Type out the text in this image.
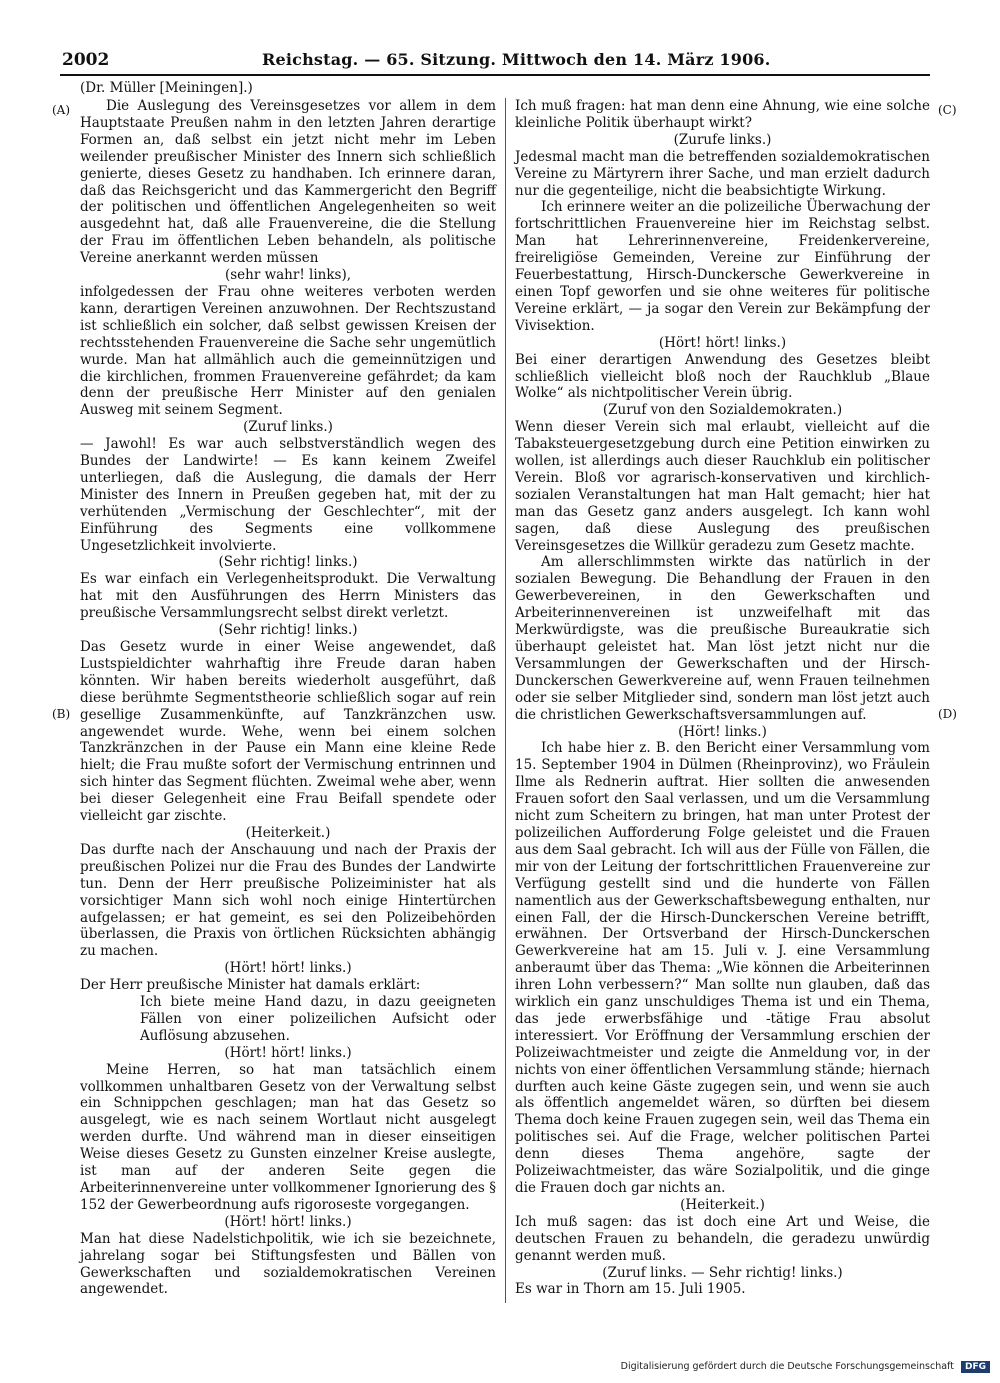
2002	Reichstag. — 65. Sitzung. Mittwoch den 14. März 1906.
(Dr. Müller [Meiningen].)
(A)
(B)
(C)
(D)

Die Auslegung des Vereinsgesetzes vor allem in dem Hauptstaate Preußen nahm in den letzten Jahren derartige Formen an, daß selbst ein jetzt nicht mehr im Leben weilender preußischer Minister des Innern sich schließlich genierte, dieses Gesetz zu handhaben. Ich erinnere daran, daß das Reichsgericht und das Kammergericht den Begriff der politischen und öffentlichen Angelegenheiten so weit ausgedehnt hat, daß alle Frauenvereine, die die Stellung der Frau im öffentlichen Leben behandeln, als politische Vereine anerkannt werden müssen

(sehr wahr! links),

infolgedessen der Frau ohne weiteres verboten werden kann, derartigen Vereinen anzuwohnen. Der Rechtszustand ist schließlich ein solcher, daß selbst gewissen Kreisen der rechtsstehenden Frauenvereine die Sache sehr ungemütlich wurde. Man hat allmählich auch die gemeinnützigen und die kirchlichen, frommen Frauenvereine gefährdet; da kam denn der preußische Herr Minister auf den genialen Ausweg mit seinem Segment.

(Zuruf links.)

— Jawohl! Es war auch selbstverständlich wegen des Bundes der Landwirte! — Es kann keinem Zweifel unterliegen, daß die Auslegung, die damals der Herr Minister des Innern in Preußen gegeben hat, mit der zu verhütenden „Vermischung der Geschlechter“, mit der Einführung des Segments eine vollkommene Ungesetzlichkeit involvierte.

(Sehr richtig! links.)

Es war einfach ein Verlegenheitsprodukt. Die Verwaltung hat mit den Ausführungen des Herrn Ministers das preußische Versammlungsrecht selbst direkt verletzt.

(Sehr richtig! links.)

Das Gesetz wurde in einer Weise angewendet, daß Lustspieldichter wahrhaftig ihre Freude daran haben könnten. Wir haben bereits wiederholt ausgeführt, daß diese berühmte Segmentstheorie schließlich sogar auf rein gesellige Zusammenkünfte, auf Tanzkränzchen usw. angewendet wurde. Wehe, wenn bei einem solchen Tanzkränzchen in der Pause ein Mann eine kleine Rede hielt; die Frau mußte sofort der Vermischung entrinnen und sich hinter das Segment flüchten. Zweimal wehe aber, wenn bei dieser Gelegenheit eine Frau Beifall spendete oder vielleicht gar zischte.

(Heiterkeit.)

Das durfte nach der Anschauung und nach der Praxis der preußischen Polizei nur die Frau des Bundes der Landwirte tun. Denn der Herr preußische Polizeiminister hat als vorsichtiger Mann sich wohl noch einige Hintertürchen aufgelassen; er hat gemeint, es sei den Polizeibehörden überlassen, die Praxis von örtlichen Rücksichten abhängig zu machen.

(Hört! hört! links.)

Der Herr preußische Minister hat damals erklärt:

Ich biete meine Hand dazu, in dazu geeigneten Fällen von einer polizeilichen Aufsicht oder Auflösung abzusehen.

(Hört! hört! links.)

Meine Herren, so hat man tatsächlich einem vollkommen unhaltbaren Gesetz von der Verwaltung selbst ein Schnippchen geschlagen; man hat das Gesetz so ausgelegt, wie es nach seinem Wortlaut nicht ausgelegt werden durfte. Und während man in dieser einseitigen Weise dieses Gesetz zu Gunsten einzelner Kreise auslegte, ist man auf der anderen Seite gegen die Arbeiterinnenvereine unter vollkommener Ignorierung des § 152 der Gewerbeordnung aufs rigoroseste vorgegangen.

(Hört! hört! links.)

Man hat diese Nadelstichpolitik, wie ich sie bezeichnete, jahrelang sogar bei Stiftungsfesten und Bällen von Gewerkschaften und sozialdemokratischen Vereinen angewendet.

Ich muß fragen: hat man denn eine Ahnung, wie eine solche kleinliche Politik überhaupt wirkt?

(Zurufe links.)

Jedesmal macht man die betreffenden sozialdemokratischen Vereine zu Märtyrern ihrer Sache, und man erzielt dadurch nur die gegenteilige, nicht die beabsichtigte Wirkung.

Ich erinnere weiter an die polizeiliche Überwachung der fortschrittlichen Frauenvereine hier im Reichstag selbst. Man hat Lehrerinnenvereine, Freidenkervereine, freireligiöse Gemeinden, Vereine zur Einführung der Feuerbestattung, Hirsch-Dunckersche Gewerkvereine in einen Topf geworfen und sie ohne weiteres für politische Vereine erklärt, — ja sogar den Verein zur Bekämpfung der Vivisektion.

(Hört! hört! links.)

Bei einer derartigen Anwendung des Gesetzes bleibt schließlich vielleicht bloß noch der Rauchklub „Blaue Wolke“ als nichtpolitischer Verein übrig.

(Zuruf von den Sozialdemokraten.)

Wenn dieser Verein sich mal erlaubt, vielleicht auf die Tabaksteuergesetzgebung durch eine Petition einwirken zu wollen, ist allerdings auch dieser Rauchklub ein politischer Verein. Bloß vor agrarisch-konservativen und kirchlich-sozialen Veranstaltungen hat man Halt gemacht; hier hat man das Gesetz ganz anders ausgelegt. Ich kann wohl sagen, daß diese Auslegung des preußischen Vereinsgesetzes die Willkür geradezu zum Gesetz machte.

Am allerschlimmsten wirkte das natürlich in der sozialen Bewegung. Die Behandlung der Frauen in den Gewerbevereinen, in den Gewerkschaften und Arbeiterinnenvereinen ist unzweifelhaft mit das Merkwürdigste, was die preußische Bureaukratie sich überhaupt geleistet hat. Man löst jetzt nicht nur die Versammlungen der Gewerkschaften und der Hirsch-Dunckerschen Gewerkvereine auf, wenn Frauen teilnehmen oder sie selber Mitglieder sind, sondern man löst jetzt auch die christlichen Gewerkschaftsversammlungen auf.

(Hört! links.)

Ich habe hier z. B. den Bericht einer Versammlung vom 15. September 1904 in Dülmen (Rheinprovinz), wo Fräulein Ilme als Rednerin auftrat. Hier sollten die anwesenden Frauen sofort den Saal verlassen, und um die Versammlung nicht zum Scheitern zu bringen, hat man unter Protest der polizeilichen Aufforderung Folge geleistet und die Frauen aus dem Saal gebracht. Ich will aus der Fülle von Fällen, die mir von der Leitung der fortschrittlichen Frauenvereine zur Verfügung gestellt sind und die hunderte von Fällen namentlich aus der Gewerkschaftsbewegung enthalten, nur einen Fall, der die Hirsch-Dunckerschen Vereine betrifft, erwähnen. Der Ortsverband der Hirsch-Dunckerschen Gewerkvereine hat am 15. Juli v. J. eine Versammlung anberaumt über das Thema: „Wie können die Arbeiterinnen ihren Lohn verbessern?“ Man sollte nun glauben, daß das wirklich ein ganz unschuldiges Thema ist und ein Thema, das jede erwerbsfähige und -tätige Frau absolut interessiert. Vor Eröffnung der Versammlung erschien der Polizeiwachtmeister und zeigte die Anmeldung vor, in der nichts von einer öffentlichen Versammlung stände; hiernach durften auch keine Gäste zugegen sein, und wenn sie auch als öffentlich angemeldet wären, so dürften bei diesem Thema doch keine Frauen zugegen sein, weil das Thema ein politisches sei. Auf die Frage, welcher politischen Partei denn dieses Thema angehöre, sagte der Polizeiwachtmeister, das wäre Sozialpolitik, und die ginge die Frauen doch gar nichts an.

(Heiterkeit.)

Ich muß sagen: das ist doch eine Art und Weise, die deutschen Frauen zu behandeln, die geradezu unwürdig genannt werden muß.

(Zuruf links. — Sehr richtig! links.)

Es war in Thorn am 15. Juli 1905.

Digitalisierung gefördert durch die Deutsche Forschungsgemeinschaft DFG
